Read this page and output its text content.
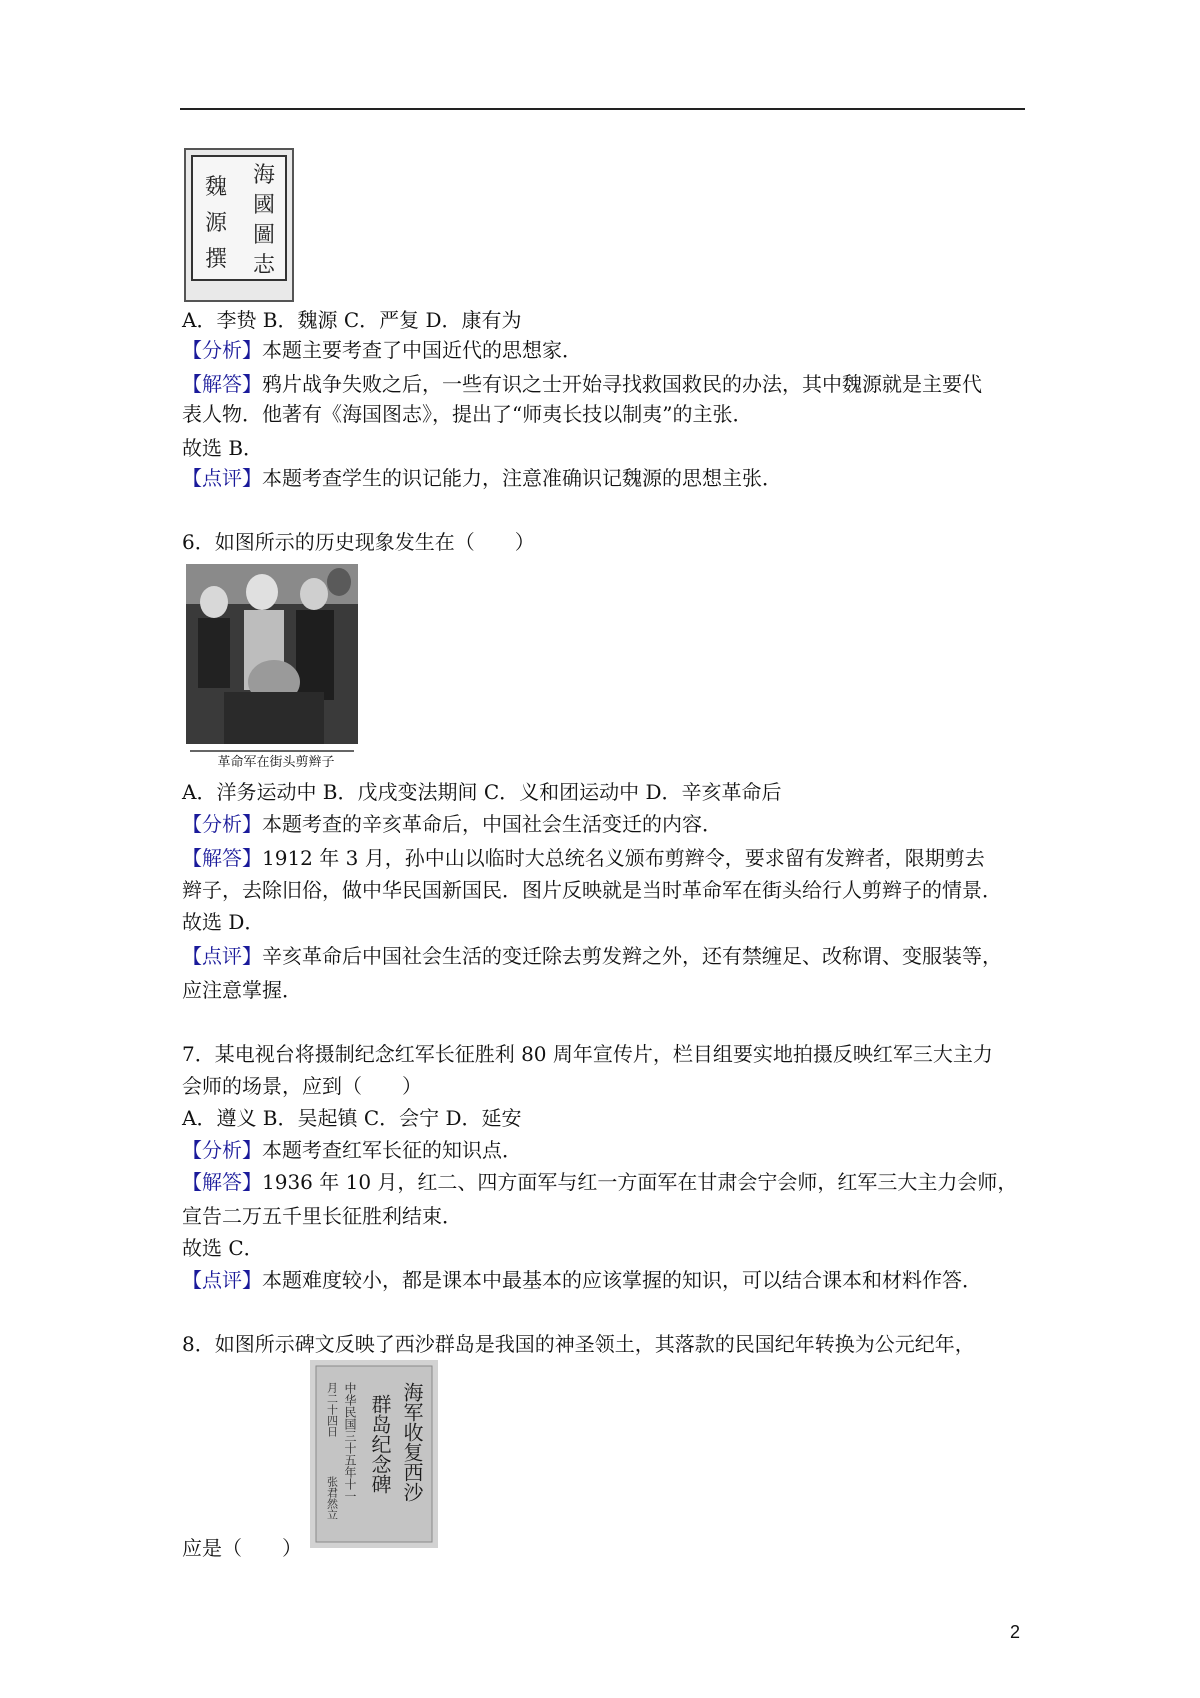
海
國
圖
志
魏
源
撰
A．李贽 B．魏源 C．严复 D．康有为
【分析】本题主要考查了中国近代的思想家．
【解答】鸦片战争失败之后，一些有识之士开始寻找救国救民的办法，其中魏源就是主要代
表人物．他著有《海国图志》，提出了“师夷长技以制夷”的主张．
故选 B．
【点评】本题考查学生的识记能力，注意准确识记魏源的思想主张．
6．如图所示的历史现象发生在（　　）
革命军在街头剪辫子
A．洋务运动中 B．戊戌变法期间 C．义和团运动中 D．辛亥革命后
【分析】本题考查的辛亥革命后，中国社会生活变迁的内容．
【解答】1912 年 3 月，孙中山以临时大总统名义颁布剪辫令，要求留有发辫者，限期剪去
辫子，去除旧俗，做中华民国新国民．图片反映就是当时革命军在街头给行人剪辫子的情景．
故选 D．
【点评】辛亥革命后中国社会生活的变迁除去剪发辫之外，还有禁缠足、改称谓、变服装等，
应注意掌握．
7．某电视台将摄制纪念红军长征胜利 80 周年宣传片，栏目组要实地拍摄反映红军三大主力
会师的场景，应到（　　）
A．遵义 B．吴起镇 C．会宁 D．延安
【分析】本题考查红军长征的知识点．
【解答】1936 年 10 月，红二、四方面军与红一方面军在甘肃会宁会师，红军三大主力会师，
宣告二万五千里长征胜利结束．
故选 C．
【点评】本题难度较小，都是课本中最基本的应该掌握的知识，可以结合课本和材料作答．
8．如图所示碑文反映了西沙群岛是我国的神圣领土，其落款的民国纪年转换为公元纪年，
海军收复西沙
群岛纪念碑
中华民国三十五年十一
月二十四日
张君然立
应是（　　）
2
